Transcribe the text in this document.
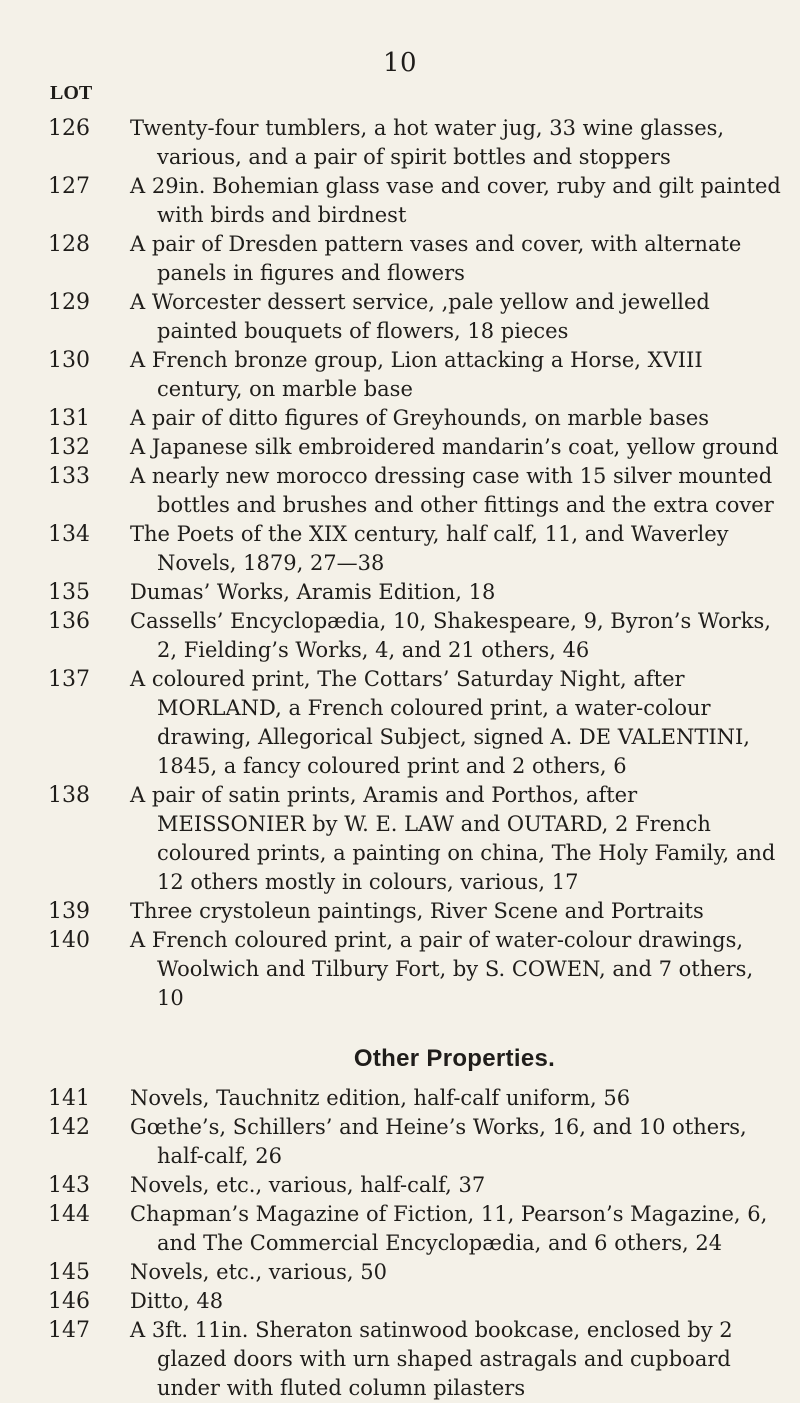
10
LOT
126	Twenty-four tumblers, a hot water jug, 33 wine glasses, various, and a pair of spirit bottles and stoppers
127	A 29in. Bohemian glass vase and cover, ruby and gilt painted with birds and birdnest
128	A pair of Dresden pattern vases and cover, with alternate panels in figures and flowers
129	A Worcester dessert service, ,pale yellow and jewelled painted bouquets of flowers, 18 pieces
130	A French bronze group, Lion attacking a Horse, XVIII century, on marble base
131	A pair of ditto figures of Greyhounds, on marble bases
132	A Japanese silk embroidered mandarin’s coat, yellow ground
133	A nearly new morocco dressing case with 15 silver mounted bottles and brushes and other fittings and the extra cover
134	The Poets of the XIX century, half calf, 11, and Waverley Novels, 1879, 27—38
135	Dumas’ Works, Aramis Edition, 18
136	Cassells’ Encyclopædia, 10, Shakespeare, 9, Byron’s Works, 2, Fielding’s Works, 4, and 21 others, 46
137	A coloured print, The Cottars’ Saturday Night, after MORLAND, a French coloured print, a water-colour drawing, Allegorical Subject, signed A. DE VALENTINI, 1845, a fancy coloured print and 2 others, 6
138	A pair of satin prints, Aramis and Porthos, after MEISSONIER by W. E. LAW and OUTARD, 2 French coloured prints, a painting on china, The Holy Family, and 12 others mostly in colours, various, 17
139	Three crystoleun paintings, River Scene and Portraits
140	A French coloured print, a pair of water-colour drawings, Woolwich and Tilbury Fort, by S. COWEN, and 7 others, 10
Other Properties.
141	Novels, Tauchnitz edition, half-calf uniform, 56
142	Gœthe’s, Schillers’ and Heine’s Works, 16, and 10 others, half-calf, 26
143	Novels, etc., various, half-calf, 37
144	Chapman’s Magazine of Fiction, 11, Pearson’s Magazine, 6, and The Commercial Encyclopædia, and 6 others, 24
145	Novels, etc., various, 50
146	Ditto, 48
147	A 3ft. 11in. Sheraton satinwood bookcase, enclosed by 2 glazed doors with urn shaped astragals and cupboard under with fluted column pilasters
